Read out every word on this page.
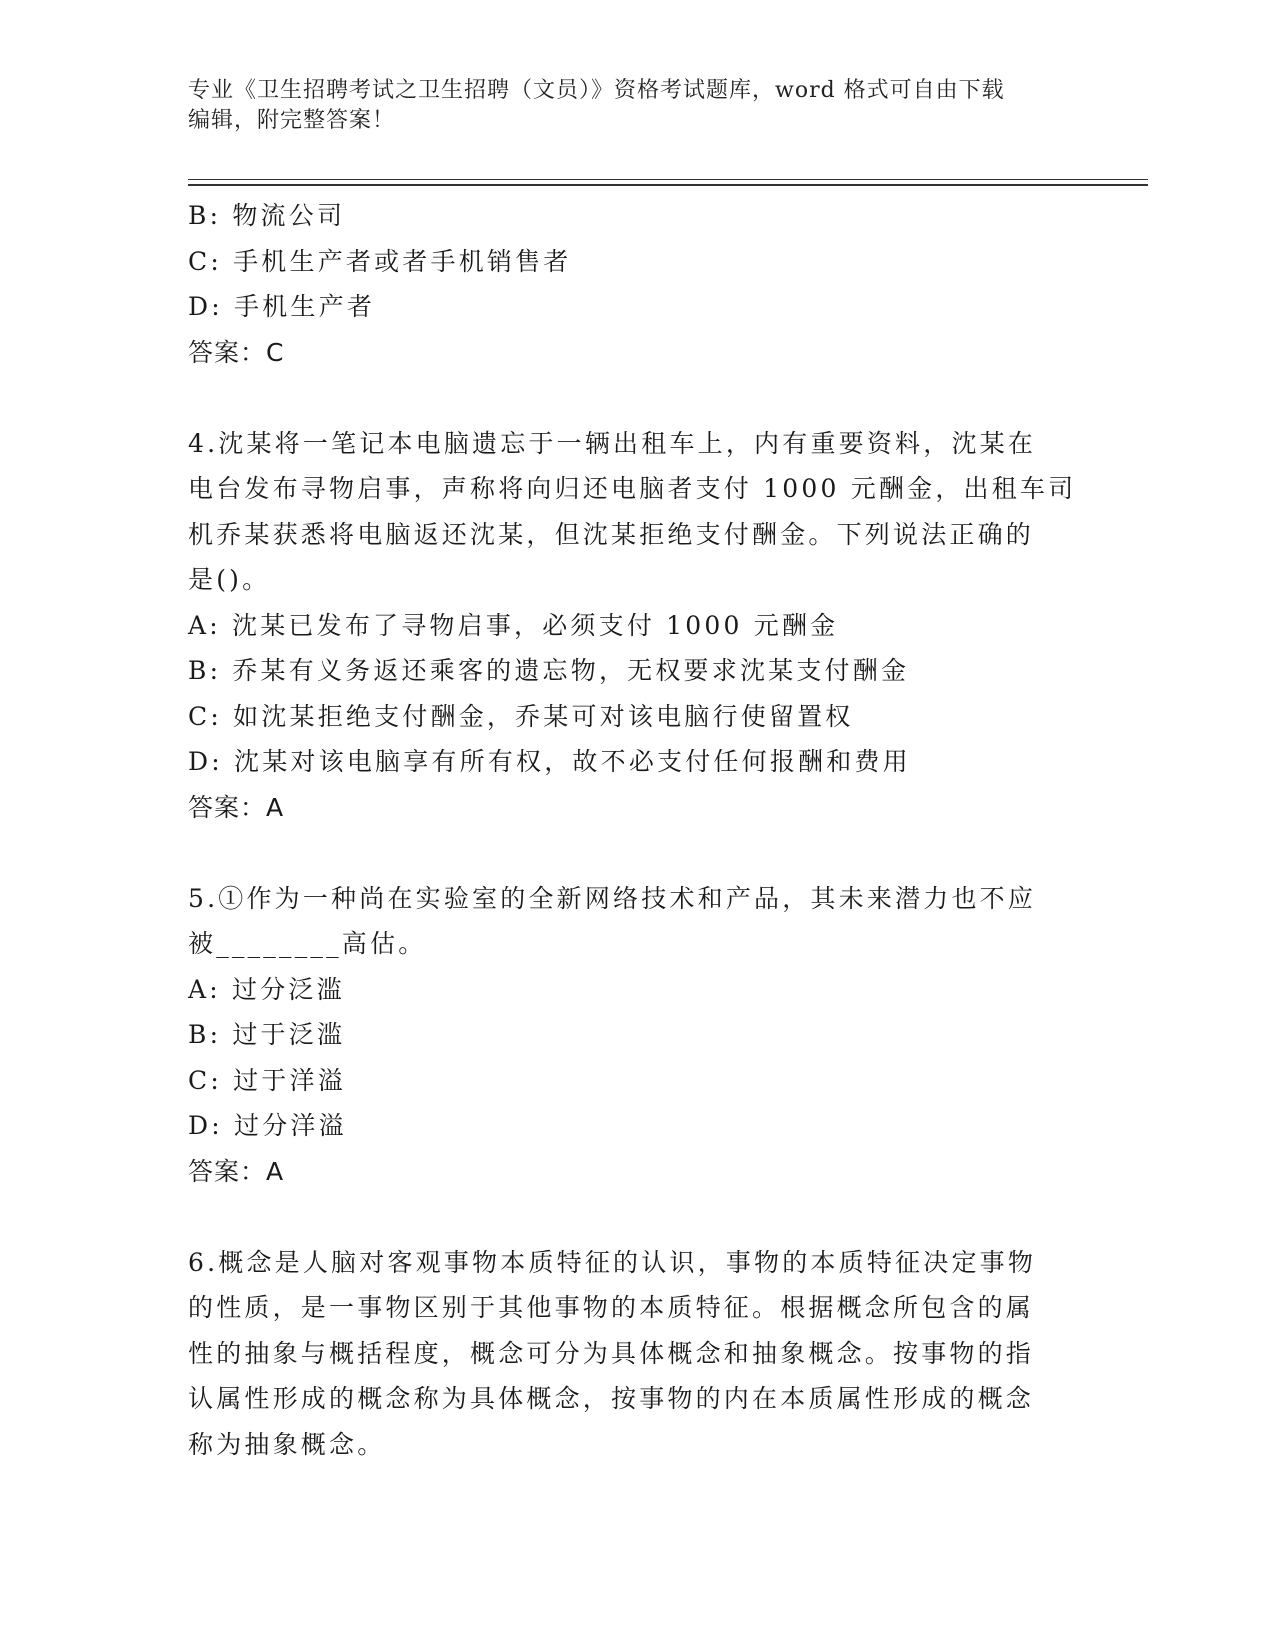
专业《卫生招聘考试之卫生招聘（文员）》资格考试题库，word 格式可自由下载
编辑，附完整答案！
B: 物流公司
C: 手机生产者或者手机销售者
D: 手机生产者
答案：C
4.沈某将一笔记本电脑遗忘于一辆出租车上，内有重要资料，沈某在
电台发布寻物启事，声称将向归还电脑者支付 1000 元酬金，出租车司
机乔某获悉将电脑返还沈某，但沈某拒绝支付酬金。下列说法正确的
是()。
A: 沈某已发布了寻物启事，必须支付 1000 元酬金
B: 乔某有义务返还乘客的遗忘物，无权要求沈某支付酬金
C: 如沈某拒绝支付酬金，乔某可对该电脑行使留置权
D: 沈某对该电脑享有所有权，故不必支付任何报酬和费用
答案：A
5.①作为一种尚在实验室的全新网络技术和产品，其未来潜力也不应
被________高估。
A: 过分泛滥
B: 过于泛滥
C: 过于洋溢
D: 过分洋溢
答案：A
6.概念是人脑对客观事物本质特征的认识，事物的本质特征决定事物
的性质，是一事物区别于其他事物的本质特征。根据概念所包含的属
性的抽象与概括程度，概念可分为具体概念和抽象概念。按事物的指
认属性形成的概念称为具体概念，按事物的内在本质属性形成的概念
称为抽象概念。
